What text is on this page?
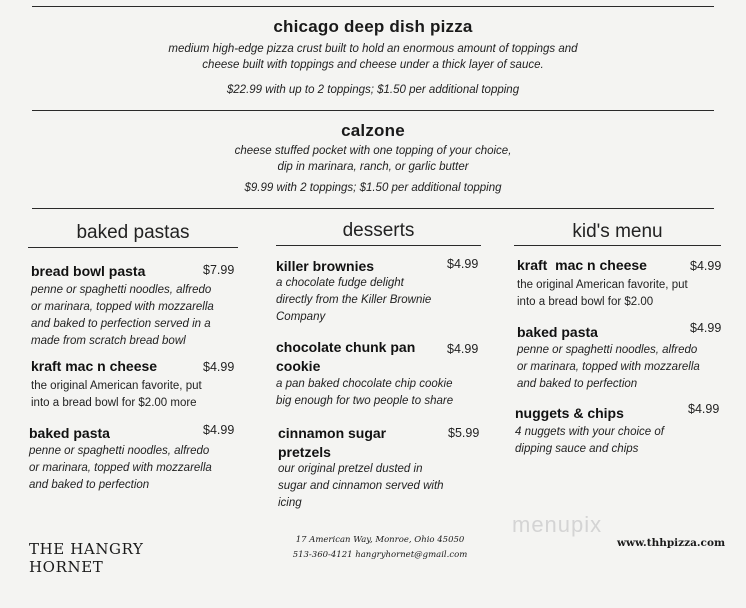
chicago deep dish pizza
medium high-edge pizza crust built to hold an enormous amount of toppings and
cheese built with toppings and cheese under a thick layer of sauce.
$22.99 with up to 2 toppings; $1.50 per additional topping
calzone
cheese stuffed pocket with one topping of your choice,
dip in marinara, ranch, or garlic butter
$9.99 with 2 toppings; $1.50 per additional topping
baked pastas
bread bowl pasta	$7.99
penne or spaghetti noodles, alfredo
or marinara, topped with mozzarella
and baked to perfection served in a
made from scratch bread bowl
kraft mac n cheese	$4.99
the original American favorite, put
into a bread bowl for $2.00 more
baked pasta	$4.99
penne or spaghetti noodles, alfredo
or marinara, topped with mozzarella
and baked to perfection
desserts
killer brownies	$4.99
a chocolate fudge delight
directly from the Killer Brownie
Company
chocolate chunk pan
cookie
$4.99
a pan baked chocolate chip cookie
big enough for two people to share
cinnamon sugar
pretzels
$5.99
our original pretzel dusted in
sugar and cinnamon served with
icing
kid's menu
kraft  mac n cheese	$4.99
the original American favorite, put
into a bread bowl for $2.00
baked pasta	$4.99
penne or spaghetti noodles, alfredo
or marinara, topped with mozzarella
and baked to perfection
nuggets & chips	$4.99
4 nuggets with your choice of
dipping sauce and chips
menupix
THE HANGRY
HORNET
17 American Way, Monroe, Ohio 45050
513-360-4121 hangryhornet@gmail.com
www.thhpizza.com
